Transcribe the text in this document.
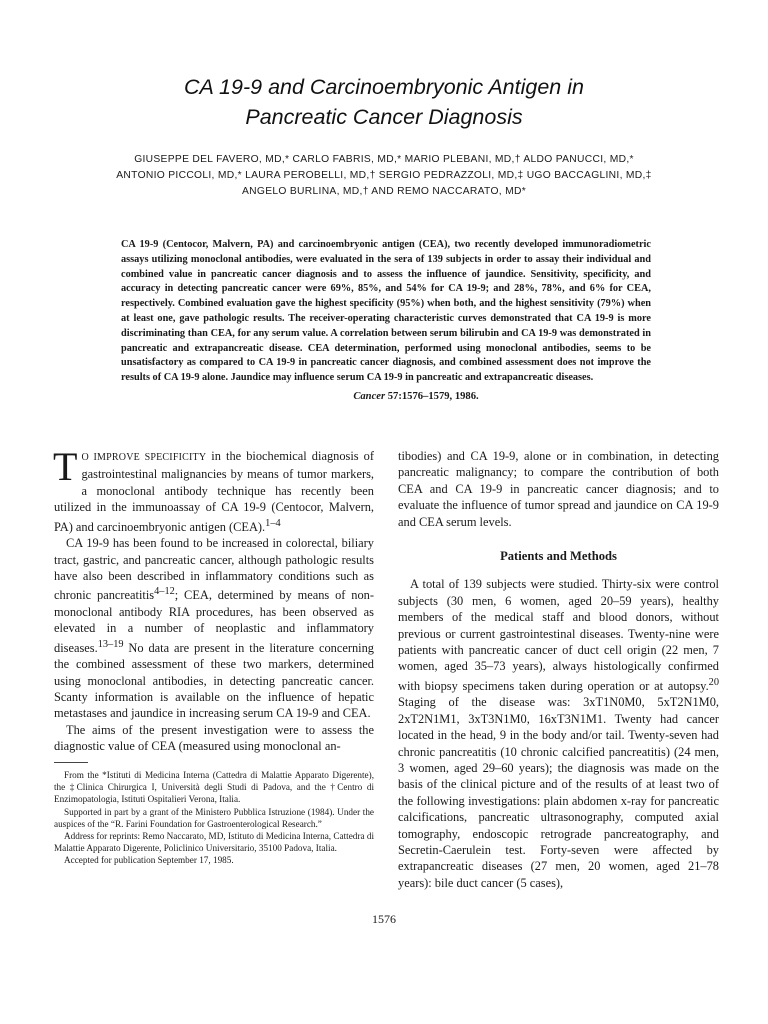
CA 19-9 and Carcinoembryonic Antigen in
Pancreatic Cancer Diagnosis
GIUSEPPE DEL FAVERO, MD,* CARLO FABRIS, MD,* MARIO PLEBANI, MD,† ALDO PANUCCI, MD,*
ANTONIO PICCOLI, MD,* LAURA PEROBELLI, MD,† SERGIO PEDRAZZOLI, MD,‡ UGO BACCAGLINI, MD,‡
ANGELO BURLINA, MD,† AND REMO NACCARATO, MD*
CA 19-9 (Centocor, Malvern, PA) and carcinoembryonic antigen (CEA), two recently developed immunoradiometric assays utilizing monoclonal antibodies, were evaluated in the sera of 139 subjects in order to assay their individual and combined value in pancreatic cancer diagnosis and to assess the influence of jaundice. Sensitivity, specificity, and accuracy in detecting pancreatic cancer were 69%, 85%, and 54% for CA 19-9; and 28%, 78%, and 6% for CEA, respectively. Combined evaluation gave the highest specificity (95%) when both, and the highest sensitivity (79%) when at least one, gave pathologic results. The receiver-operating characteristic curves demonstrated that CA 19-9 is more discriminating than CEA, for any serum value. A correlation between serum bilirubin and CA 19-9 was demonstrated in pancreatic and extrapancreatic disease. CEA determination, performed using monoclonal antibodies, seems to be unsatisfactory as compared to CA 19-9 in pancreatic cancer diagnosis, and combined assessment does not improve the results of CA 19-9 alone. Jaundice may influence serum CA 19-9 in pancreatic and extrapancreatic diseases.
Cancer 57:1576–1579, 1986.

T O IMPROVE SPECIFICITY in the biochemical diagnosis of gastrointestinal malignancies by means of tumor markers, a monoclonal antibody technique has recently been utilized in the immunoassay of CA 19-9 (Centocor, Malvern, PA) and carcinoembryonic antigen (CEA).$^{1-4}$

CA 19-9 has been found to be increased in colorectal, biliary tract, gastric, and pancreatic cancer, although pathologic results have also been described in inflammatory conditions such as chronic pancreatitis$^{4-12}$; CEA, determined by means of non-monoclonal antibody RIA procedures, has been observed as elevated in a number of neoplastic and inflammatory diseases.$^{13-19}$ No data are present in the literature concerning the combined assessment of these two markers, determined using monoclonal antibodies, in detecting pancreatic cancer. Scanty information is available on the influence of hepatic metastases and jaundice in increasing serum CA 19-9 and CEA.

The aims of the present investigation were to assess the diagnostic value of CEA (measured using monoclonal an-

From the *Istituti di Medicina Interna (Cattedra di Malattie Apparato Digerente), the ‡Clinica Chirurgica I, Università degli Studi di Padova, and the †Centro di Enzimopatologia, Istituti Ospitalieri Verona, Italia.

Supported in part by a grant of the Ministero Pubblica Istruzione (1984). Under the auspices of the “R. Farini Foundation for Gastroenterological Research.”

Address for reprints: Remo Naccarato, MD, Istituto di Medicina Interna, Cattedra di Malattie Apparato Digerente, Policlinico Universitario, 35100 Padova, Italia.

Accepted for publication September 17, 1985.

tibodies) and CA 19-9, alone or in combination, in detecting pancreatic malignancy; to compare the contribution of both CEA and CA 19-9 in pancreatic cancer diagnosis; and to evaluate the influence of tumor spread and jaundice on CA 19-9 and CEA serum levels.

Patients and Methods

A total of 139 subjects were studied. Thirty-six were control subjects (30 men, 6 women, aged 20–59 years), healthy members of the medical staff and blood donors, without previous or current gastrointestinal diseases. Twenty-nine were patients with pancreatic cancer of duct cell origin (22 men, 7 women, aged 35–73 years), always histologically confirmed with biopsy specimens taken during operation or at autopsy.$^{20}$ Staging of the disease was: 3xT1N0M0, 5xT2N1M0, 2xT2N1M1, 3xT3N1M0, 16xT3N1M1. Twenty had cancer located in the head, 9 in the body and/or tail. Twenty-seven had chronic pancreatitis (10 chronic calcified pancreatitis) (24 men, 3 women, aged 29–60 years); the diagnosis was made on the basis of the clinical picture and of the results of at least two of the following investigations: plain abdomen x-ray for pancreatic calcifications, pancreatic ultrasonography, computed axial tomography, endoscopic retrograde pancreatography, and Secretin-Caerulein test. Forty-seven were affected by extrapancreatic diseases (27 men, 20 women, aged 21–78 years): bile duct cancer (5 cases),

1576
